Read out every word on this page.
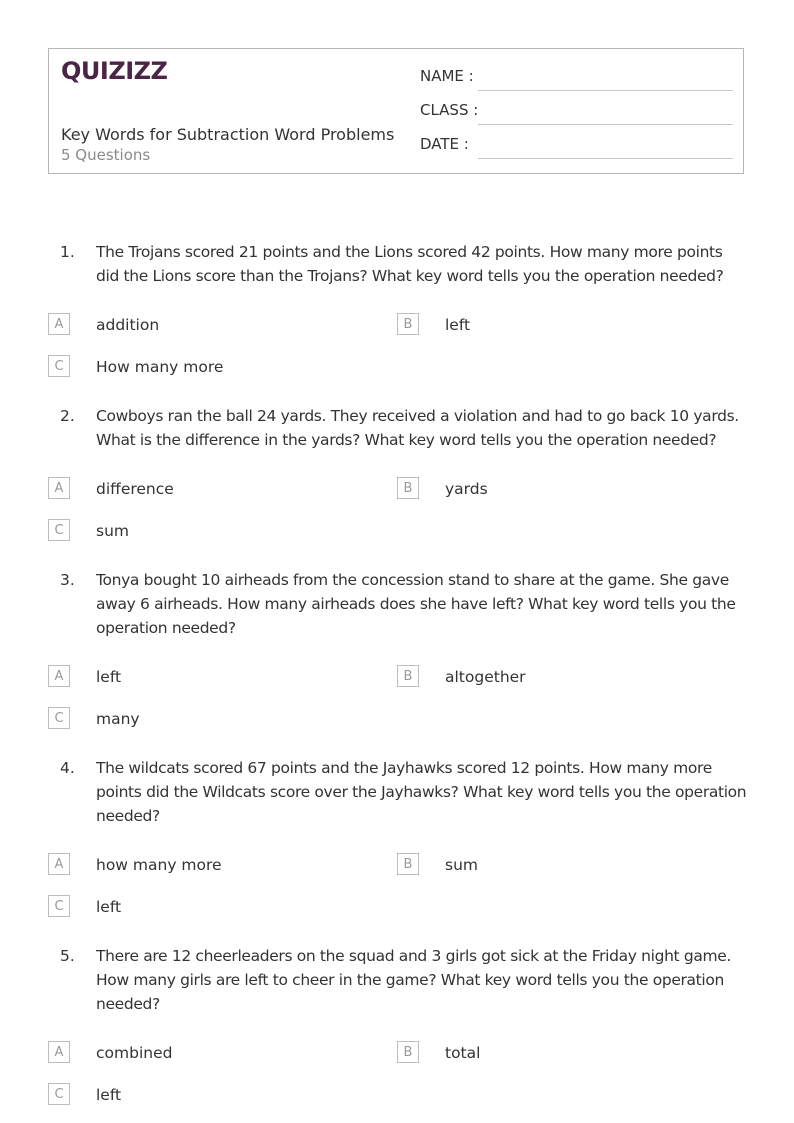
QUIZIZZ
Key Words for Subtraction Word Problems
5 Questions
NAME :
CLASS :
DATE :
1. The Trojans scored 21 points and the Lions scored 42 points. How many more points did the Lions score than the Trojans? What key word tells you the operation needed?
A	addition	B	left
C	How many more
2. Cowboys ran the ball 24 yards. They received a violation and had to go back 10 yards. What is the difference in the yards? What key word tells you the operation needed?
A	difference	B	yards
C	sum
3. Tonya bought 10 airheads from the concession stand to share at the game. She gave away 6 airheads. How many airheads does she have left? What key word tells you the operation needed?
A	left	B	altogether
C	many
4. The wildcats scored 67 points and the Jayhawks scored 12 points. How many more points did the Wildcats score over the Jayhawks? What key word tells you the operation needed?
A	how many more	B	sum
C	left
5. There are 12 cheerleaders on the squad and 3 girls got sick at the Friday night game. How many girls are left to cheer in the game? What key word tells you the operation needed?
A	combined	B	total
C	left
